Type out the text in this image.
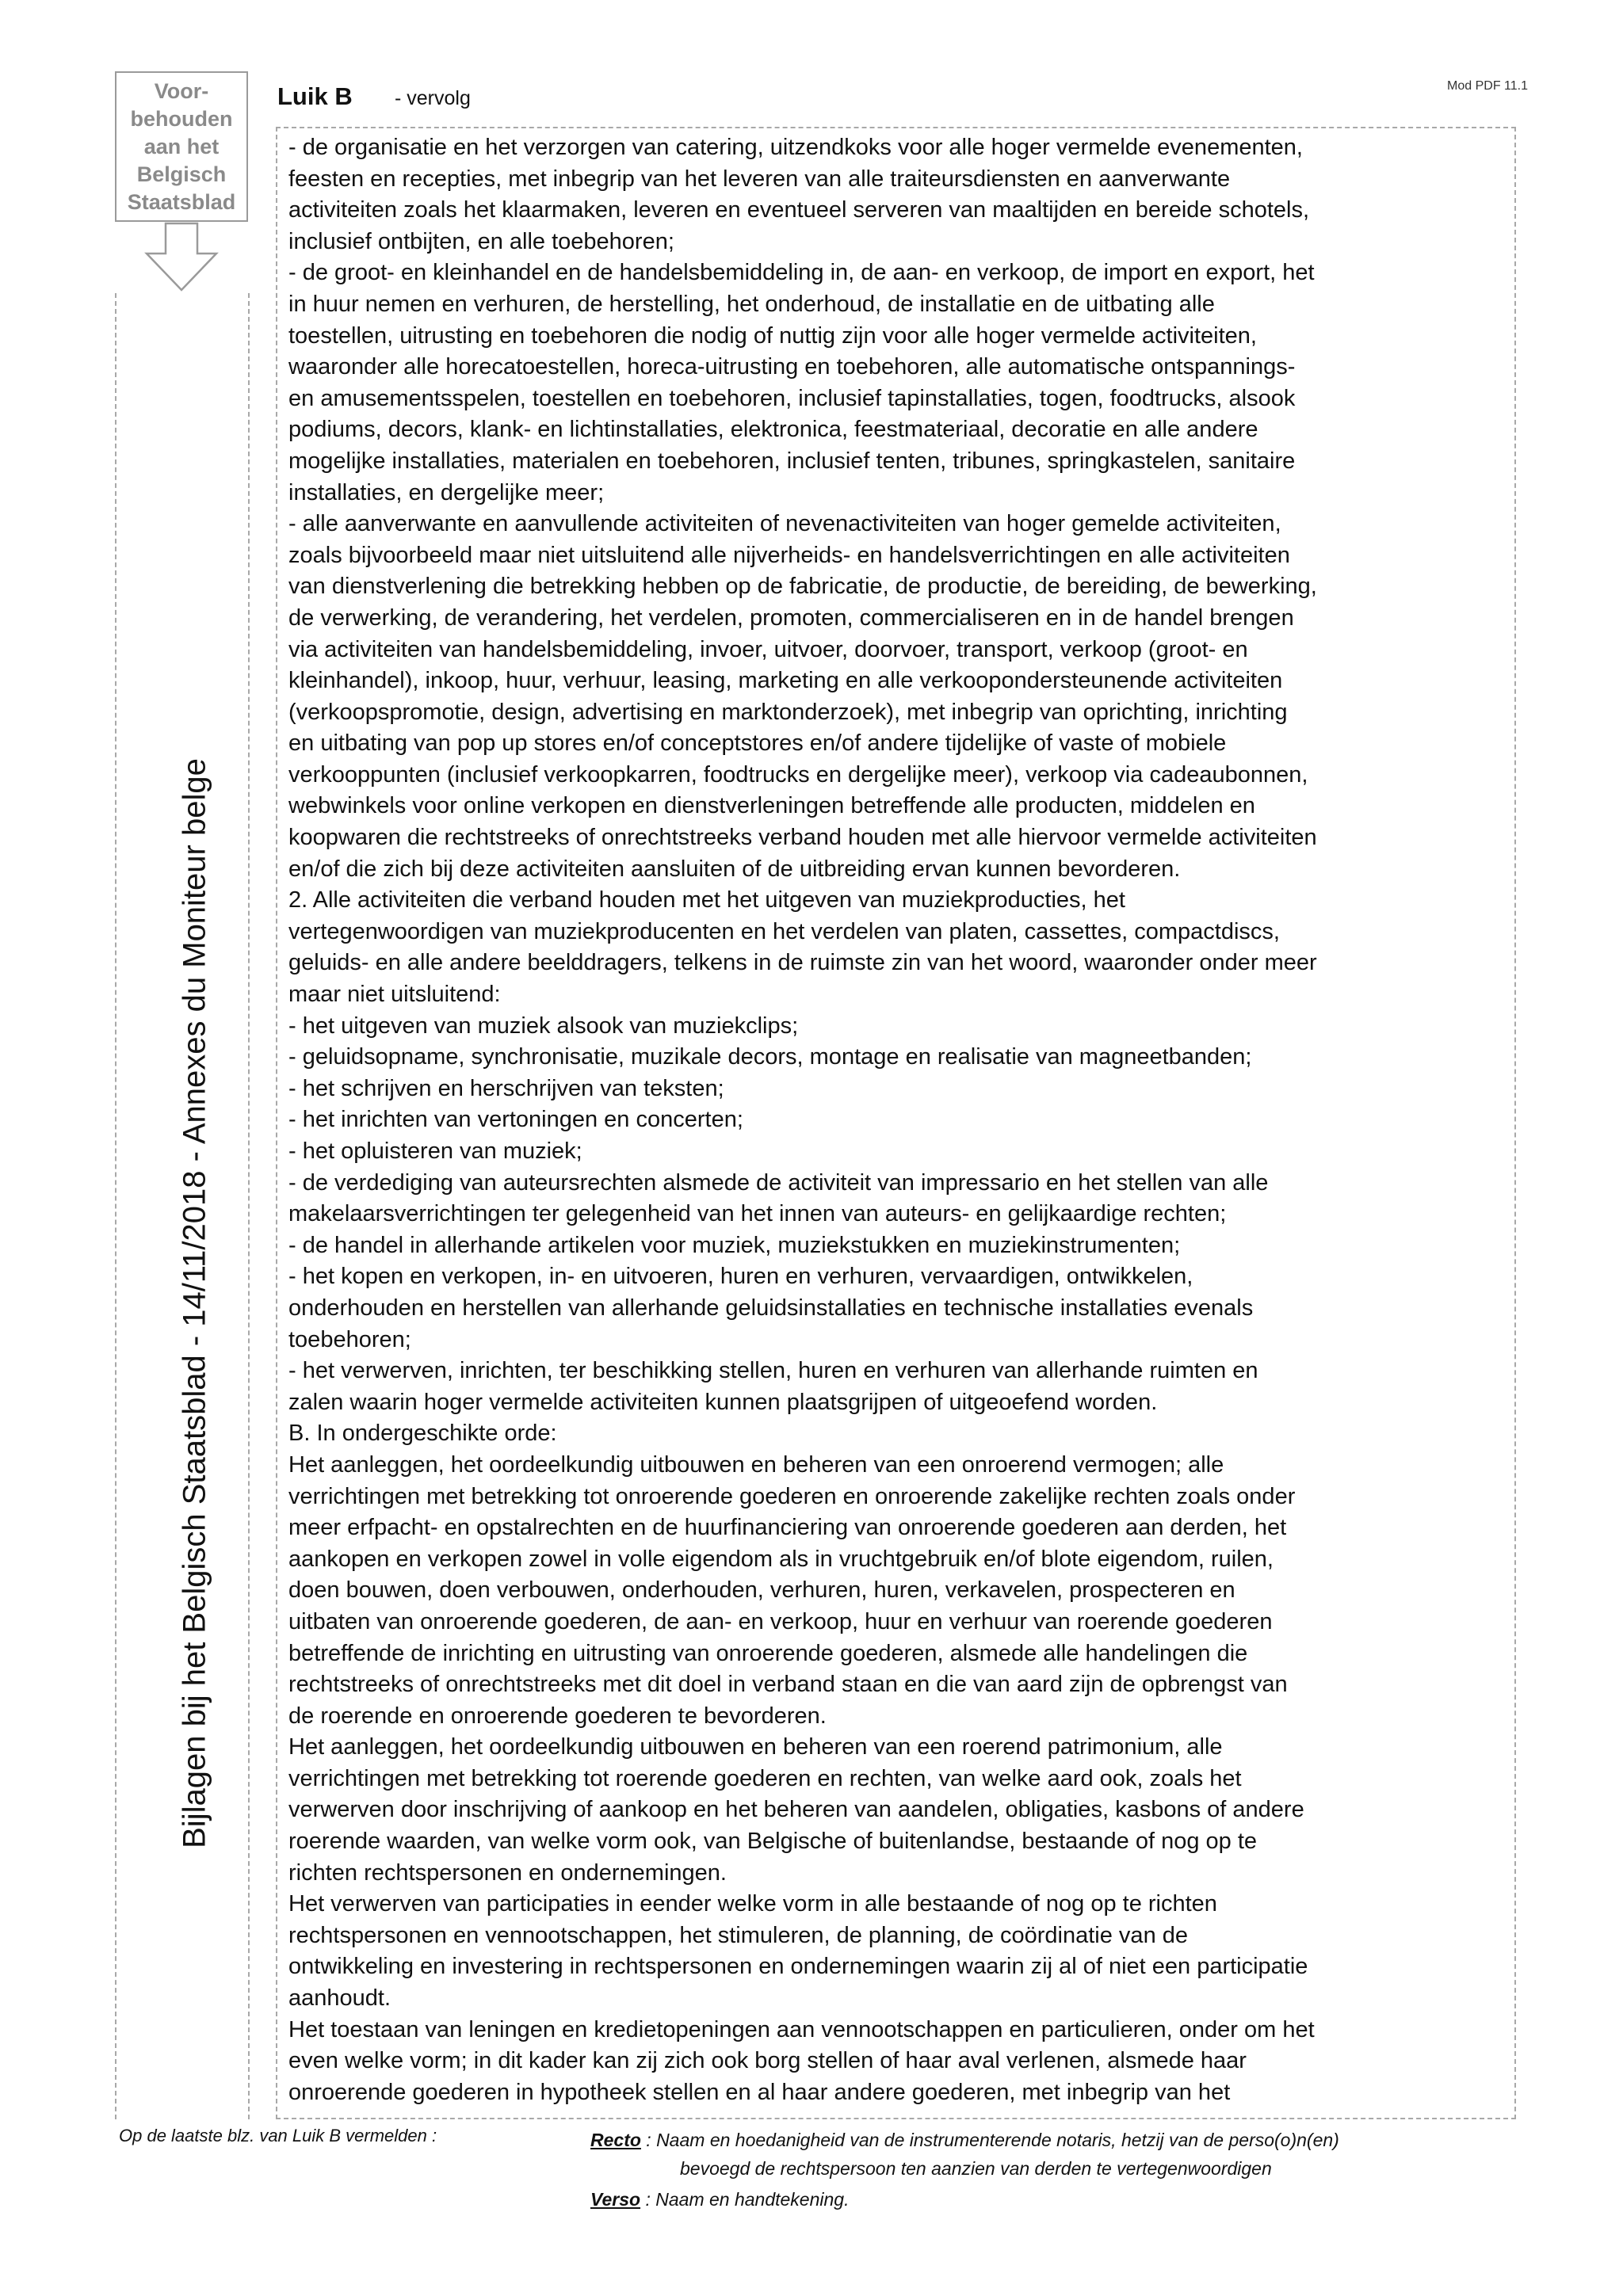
Voor-
behouden
aan het
Belgisch
Staatsblad
Bijlagen bij het Belgisch Staatsblad - 14/11/2018 - Annexes du Moniteur belge
Luik B - vervolg
Mod PDF 11.1

- de organisatie en het verzorgen van catering, uitzendkoks voor alle hoger vermelde evenementen,

feesten en recepties, met inbegrip van het leveren van alle traiteursdiensten en aanverwante

activiteiten zoals het klaarmaken, leveren en eventueel serveren van maaltijden en bereide schotels,

inclusief ontbijten, en alle toebehoren;

- de groot- en kleinhandel en de handelsbemiddeling in, de aan- en verkoop, de import en export, het

in huur nemen en verhuren, de herstelling, het onderhoud, de installatie en de uitbating alle

toestellen, uitrusting en toebehoren die nodig of nuttig zijn voor alle hoger vermelde activiteiten,

waaronder alle horecatoestellen, horeca-uitrusting en toebehoren, alle automatische ontspannings-

en amusementsspelen, toestellen en toebehoren, inclusief tapinstallaties, togen, foodtrucks, alsook

podiums, decors, klank- en lichtinstallaties, elektronica, feestmateriaal, decoratie en alle andere

mogelijke installaties, materialen en toebehoren, inclusief tenten, tribunes, springkastelen, sanitaire

installaties, en dergelijke meer;

- alle aanverwante en aanvullende activiteiten of nevenactiviteiten van hoger gemelde activiteiten,

zoals bijvoorbeeld maar niet uitsluitend alle nijverheids- en handelsverrichtingen en alle activiteiten

van dienstverlening die betrekking hebben op de fabricatie, de productie, de bereiding, de bewerking,

de verwerking, de verandering, het verdelen, promoten, commercialiseren en in de handel brengen

via activiteiten van handelsbemiddeling, invoer, uitvoer, doorvoer, transport, verkoop (groot- en

kleinhandel), inkoop, huur, verhuur, leasing, marketing en alle verkoopondersteunende activiteiten

(verkoopspromotie, design, advertising en marktonderzoek), met inbegrip van oprichting, inrichting

en uitbating van pop up stores en/of conceptstores en/of andere tijdelijke of vaste of mobiele

verkooppunten (inclusief verkoopkarren, foodtrucks en dergelijke meer), verkoop via cadeaubonnen,

webwinkels voor online verkopen en dienstverleningen betreffende alle producten, middelen en

koopwaren die rechtstreeks of onrechtstreeks verband houden met alle hiervoor vermelde activiteiten

en/of die zich bij deze activiteiten aansluiten of de uitbreiding ervan kunnen bevorderen.

2. Alle activiteiten die verband houden met het uitgeven van muziekproducties, het

vertegenwoordigen van muziekproducenten en het verdelen van platen, cassettes, compactdiscs,

geluids- en alle andere beelddragers, telkens in de ruimste zin van het woord, waaronder onder meer

maar niet uitsluitend:

- het uitgeven van muziek alsook van muziekclips;

- geluidsopname, synchronisatie, muzikale decors, montage en realisatie van magneetbanden;

- het schrijven en herschrijven van teksten;

- het inrichten van vertoningen en concerten;

- het opluisteren van muziek;

- de verdediging van auteursrechten alsmede de activiteit van impressario en het stellen van alle

makelaarsverrichtingen ter gelegenheid van het innen van auteurs- en gelijkaardige rechten;

- de handel in allerhande artikelen voor muziek, muziekstukken en muziekinstrumenten;

- het kopen en verkopen, in- en uitvoeren, huren en verhuren, vervaardigen, ontwikkelen,

onderhouden en herstellen van allerhande geluidsinstallaties en technische installaties evenals

toebehoren;

- het verwerven, inrichten, ter beschikking stellen, huren en verhuren van allerhande ruimten en

zalen waarin hoger vermelde activiteiten kunnen plaatsgrijpen of uitgeoefend worden.

B. In ondergeschikte orde:

Het aanleggen, het oordeelkundig uitbouwen en beheren van een onroerend vermogen; alle

verrichtingen met betrekking tot onroerende goederen en onroerende zakelijke rechten zoals onder

meer erfpacht- en opstalrechten en de huurfinanciering van onroerende goederen aan derden, het

aankopen en verkopen zowel in volle eigendom als in vruchtgebruik en/of blote eigendom, ruilen,

doen bouwen, doen verbouwen, onderhouden, verhuren, huren, verkavelen, prospecteren en

uitbaten van onroerende goederen, de aan- en verkoop, huur en verhuur van roerende goederen

betreffende de inrichting en uitrusting van onroerende goederen, alsmede alle handelingen die

rechtstreeks of onrechtstreeks met dit doel in verband staan en die van aard zijn de opbrengst van

de roerende en onroerende goederen te bevorderen.

Het aanleggen, het oordeelkundig uitbouwen en beheren van een roerend patrimonium, alle

verrichtingen met betrekking tot roerende goederen en rechten, van welke aard ook, zoals het

verwerven door inschrijving of aankoop en het beheren van aandelen, obligaties, kasbons of andere

roerende waarden, van welke vorm ook, van Belgische of buitenlandse, bestaande of nog op te

richten rechtspersonen en ondernemingen.

Het verwerven van participaties in eender welke vorm in alle bestaande of nog op te richten

rechtspersonen en vennootschappen, het stimuleren, de planning, de coördinatie van de

ontwikkeling en investering in rechtspersonen en ondernemingen waarin zij al of niet een participatie

aanhoudt.

Het toestaan van leningen en kredietopeningen aan vennootschappen en particulieren, onder om het

even welke vorm; in dit kader kan zij zich ook borg stellen of haar aval verlenen, alsmede haar

onroerende goederen in hypotheek stellen en al haar andere goederen, met inbegrip van het

Op de laatste blz. van Luik B vermelden :	Recto : Naam en hoedanigheid van de instrumenterende notaris, hetzij van de perso(o)n(en)
bevoegd de rechtspersoon ten aanzien van derden te vertegenwoordigen
Verso : Naam en handtekening.
